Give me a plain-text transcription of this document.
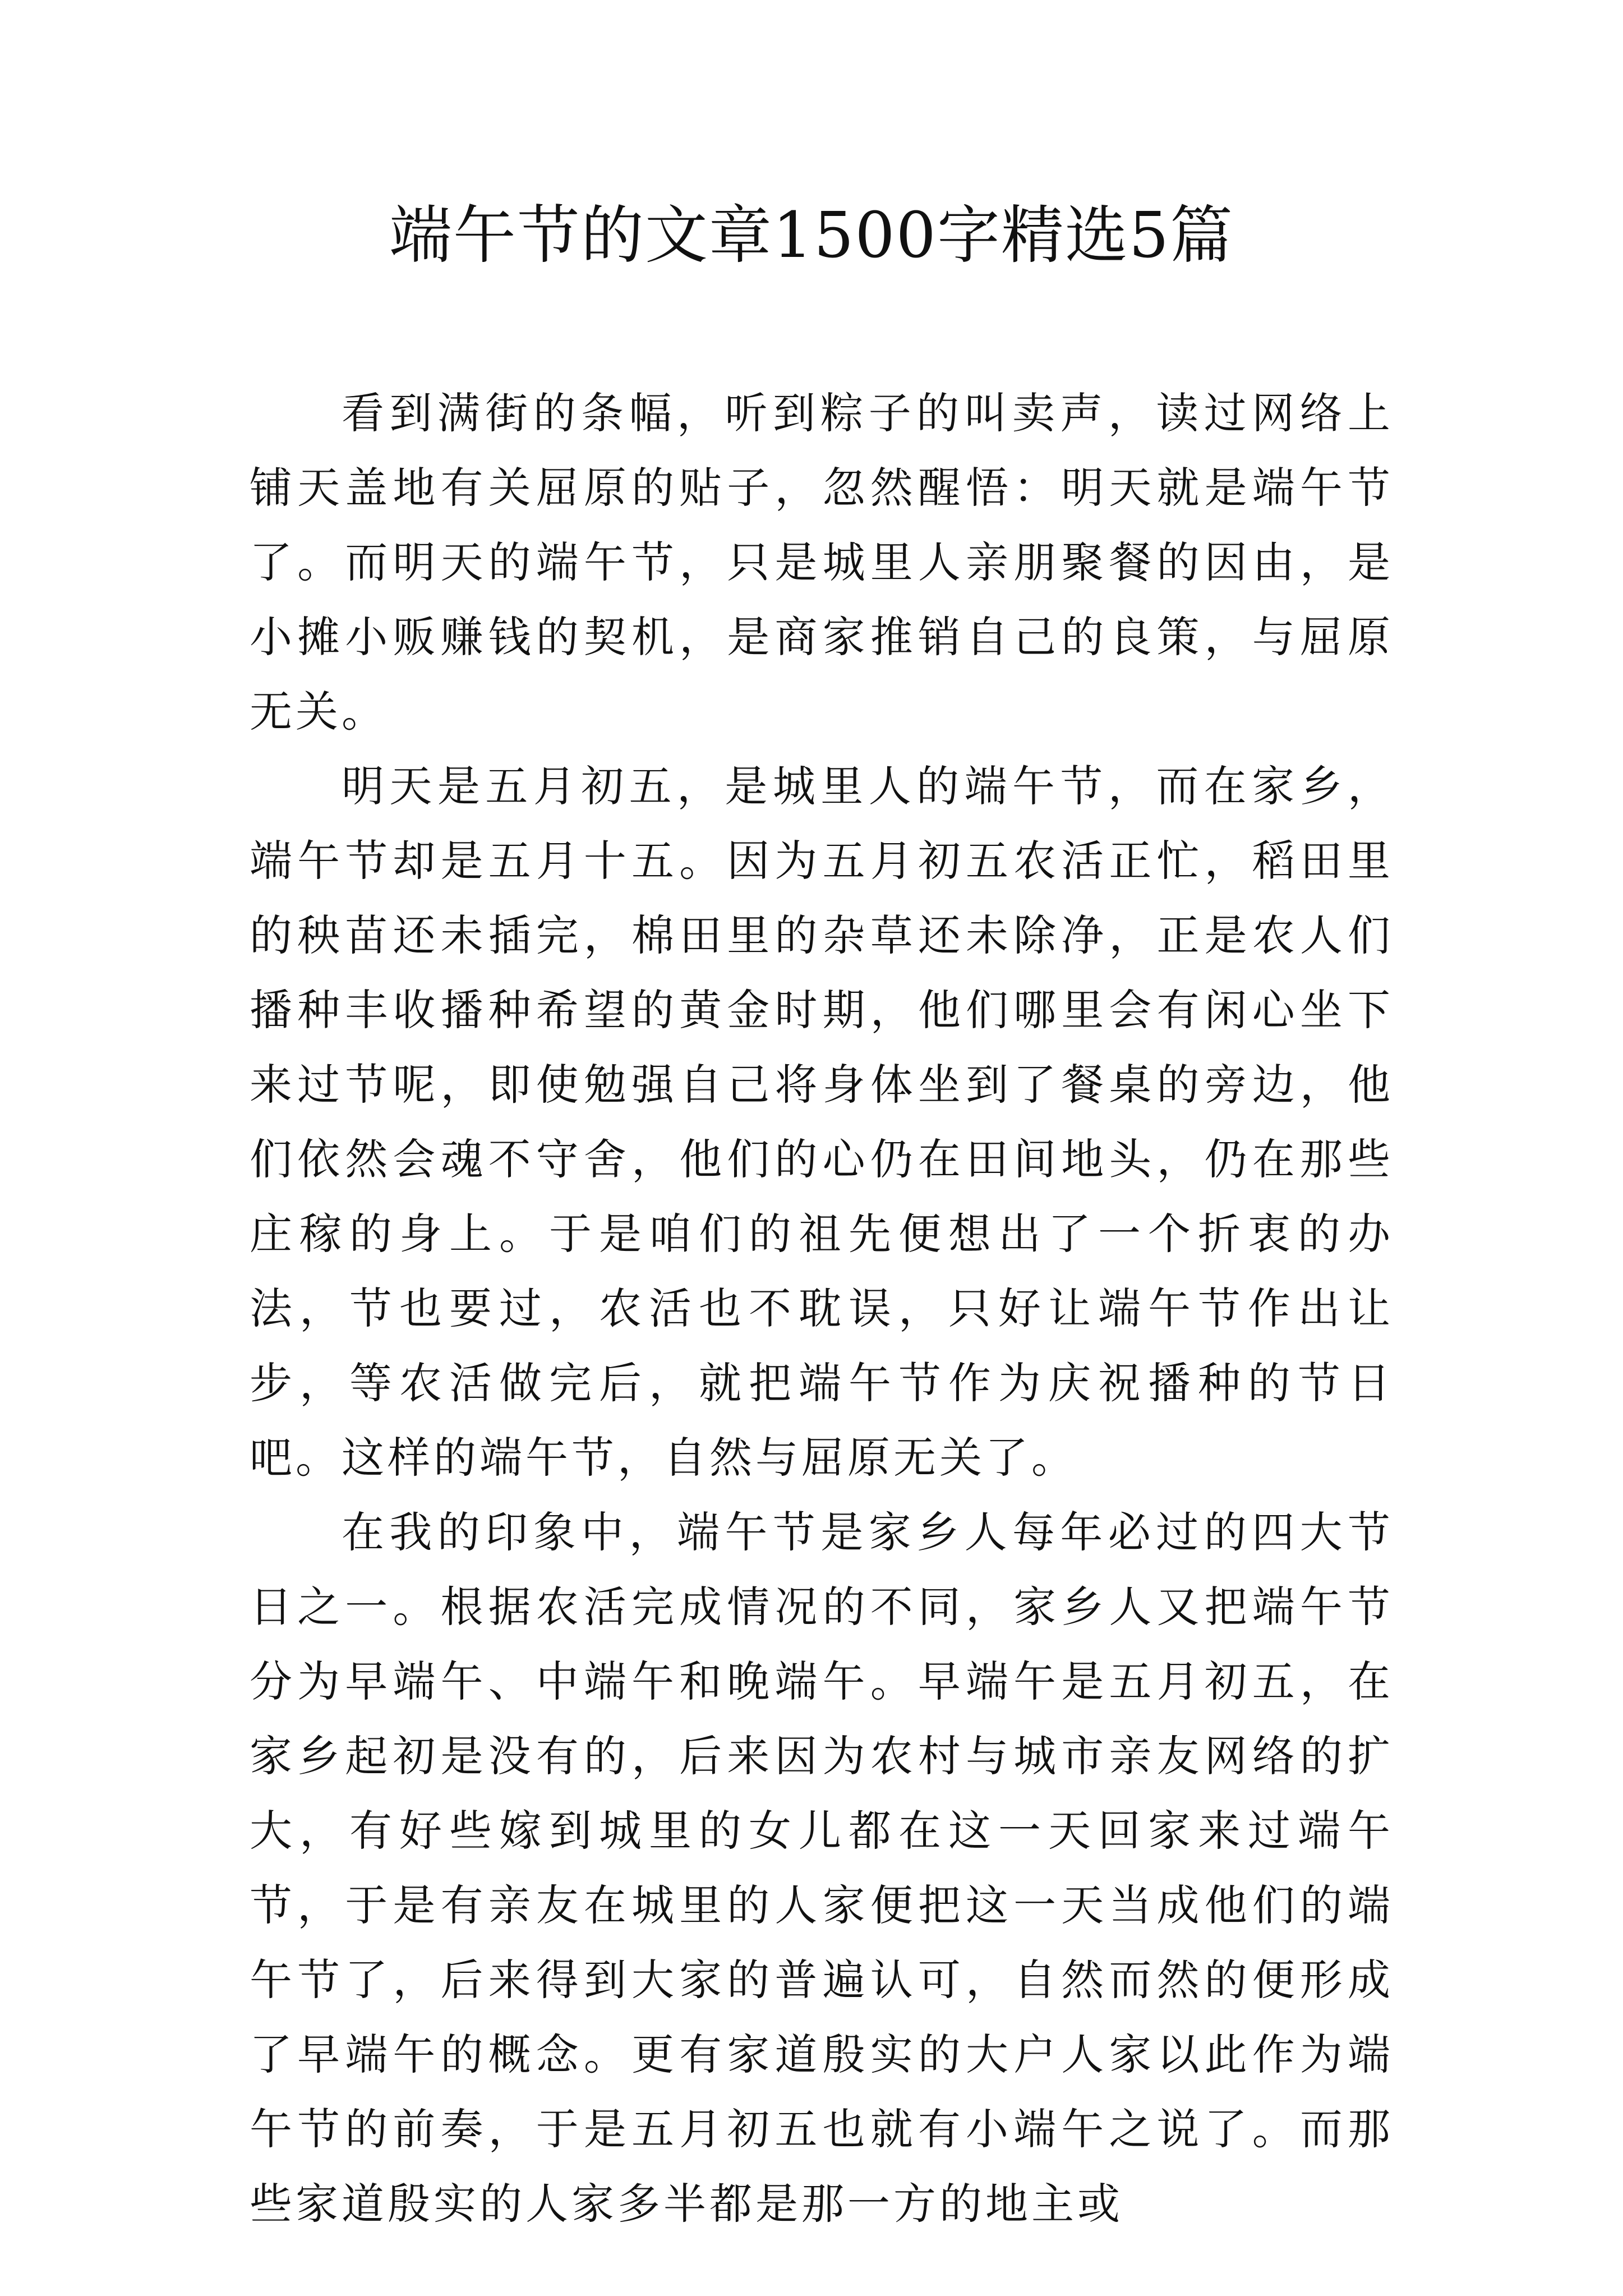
端午节的文章1500字精选5篇

看到满街的条幅，听到粽子的叫卖声，读过网络上铺天盖地有关屈原的贴子，忽然醒悟：明天就是端午节了。而明天的端午节，只是城里人亲朋聚餐的因由，是小摊小贩赚钱的契机，是商家推销自己的良策，与屈原无关。

明天是五月初五，是城里人的端午节，而在家乡，端午节却是五月十五。因为五月初五农活正忙，稻田里的秧苗还未插完，棉田里的杂草还未除净，正是农人们播种丰收播种希望的黄金时期，他们哪里会有闲心坐下来过节呢，即使勉强自己将身体坐到了餐桌的旁边，他们依然会魂不守舍，他们的心仍在田间地头，仍在那些庄稼的身上。于是咱们的祖先便想出了一个折衷的办法，节也要过，农活也不耽误，只好让端午节作出让步，等农活做完后，就把端午节作为庆祝播种的节日吧。这样的端午节，自然与屈原无关了。

在我的印象中，端午节是家乡人每年必过的四大节日之一。根据农活完成情况的不同，家乡人又把端午节分为早端午、中端午和晚端午。早端午是五月初五，在家乡起初是没有的，后来因为农村与城市亲友网络的扩大，有好些嫁到城里的女儿都在这一天回家来过端午节，于是有亲友在城里的人家便把这一天当成他们的端午节了，后来得到大家的普遍认可，自然而然的便形成了早端午的概念。更有家道殷实的大户人家以此作为端午节的前奏，于是五月初五也就有小端午之说了。而那些家道殷实的人家多半都是那一方的地主或
